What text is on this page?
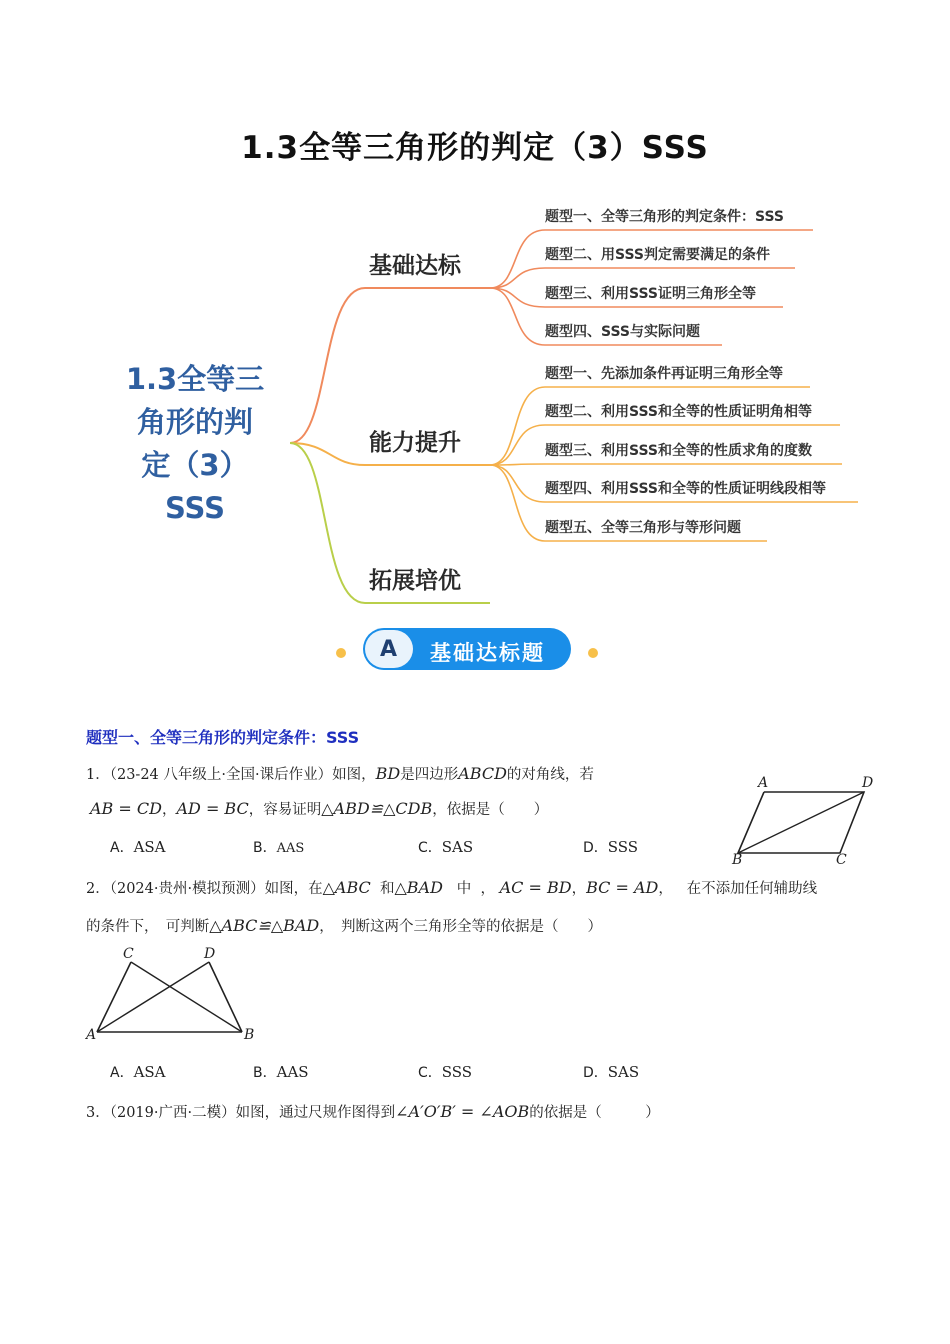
1.3全等三角形的判定（3）SSS
1.3全等三
角形的判
定（3）
SSS
基础达标
能力提升
拓展培优
题型一、全等三角形的判定条件：SSS
题型二、用SSS判定需要满足的条件
题型三、利用SSS证明三角形全等
题型四、SSS与实际问题
题型一、先添加条件再证明三角形全等
题型二、利用SSS和全等的性质证明角相等
题型三、利用SSS和全等的性质求角的度数
题型四、利用SSS和全等的性质证明线段相等
题型五、全等三角形与等形问题
A 基础达标题
题型一、全等三角形的判定条件：SSS
1．（23-24 八年级上·全国·课后作业）如图，BD是四边形ABCD的对角线，若
AB = CD，AD = BC，容易证明△ABD≌△CDB，依据是（　　）
A．ASA	B．AAS	C．SAS	D．SSS
A	D
B	C
2．（2024·贵州·模拟预测）如图，在△ABC 和△BAD 中  ， AC = BD，BC = AD，   在不添加任何辅助线
的条件下，　可判断△ABC≌△BAD，　判断这两个三角形全等的依据是（　　）
C	D
A	B
A．ASA	B．AAS	C．SSS	D．SAS
3．（2019·广西·二模）如图，通过尺规作图得到∠A′O′B′ = ∠AOB的依据是（　　　）
